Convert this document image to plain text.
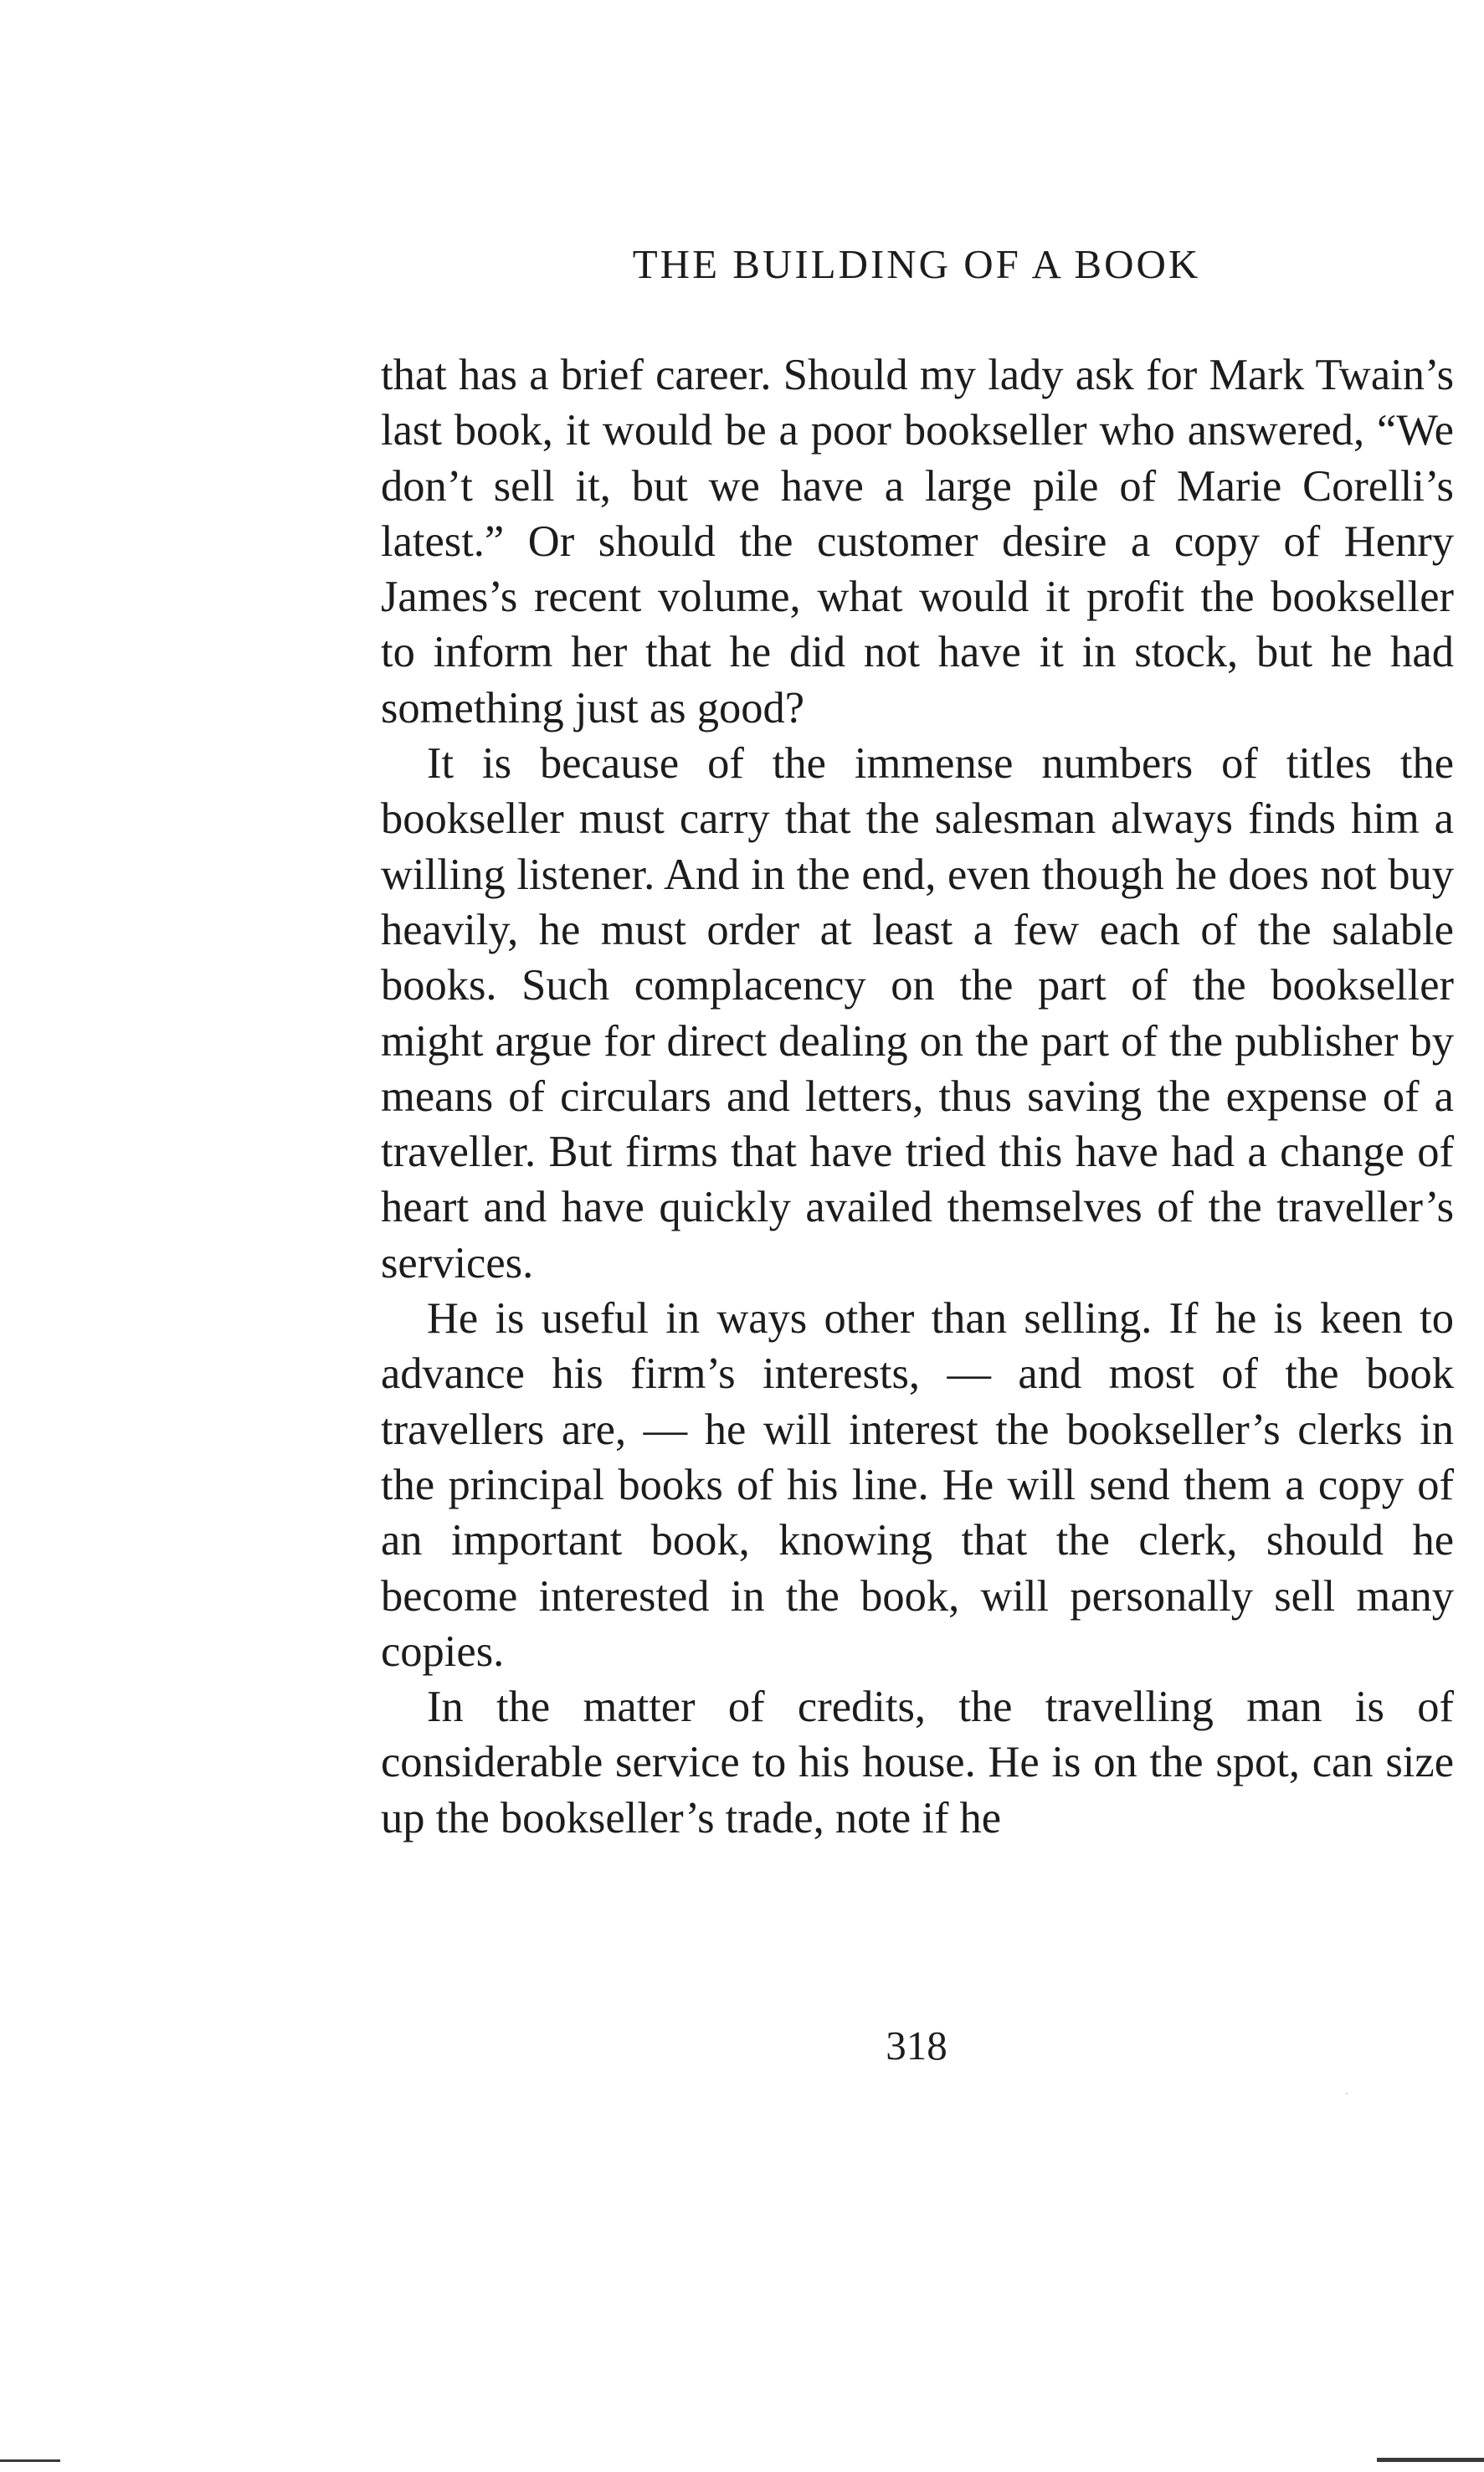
THE BUILDING OF A BOOK

that has a brief career. Should my lady ask for Mark Twain’s last book, it would be a poor bookseller who answered, “We don’t sell it, but we have a large pile of Marie Corelli’s latest.” Or should the customer desire a copy of Henry James’s recent volume, what would it profit the bookseller to inform her that he did not have it in stock, but he had something just as good?

It is because of the immense numbers of titles the bookseller must carry that the salesman always finds him a willing listener. And in the end, even though he does not buy heavily, he must order at least a few each of the salable books. Such complacency on the part of the bookseller might argue for direct dealing on the part of the publisher by means of circulars and letters, thus saving the expense of a traveller. But firms that have tried this have had a change of heart and have quickly availed themselves of the traveller’s services.

He is useful in ways other than selling. If he is keen to advance his firm’s interests, — and most of the book travellers are, — he will interest the bookseller’s clerks in the principal books of his line. He will send them a copy of an important book, knowing that the clerk, should he become interested in the book, will personally sell many copies.

In the matter of credits, the travelling man is of considerable service to his house. He is on the spot, can size up the bookseller’s trade, note if he

318
